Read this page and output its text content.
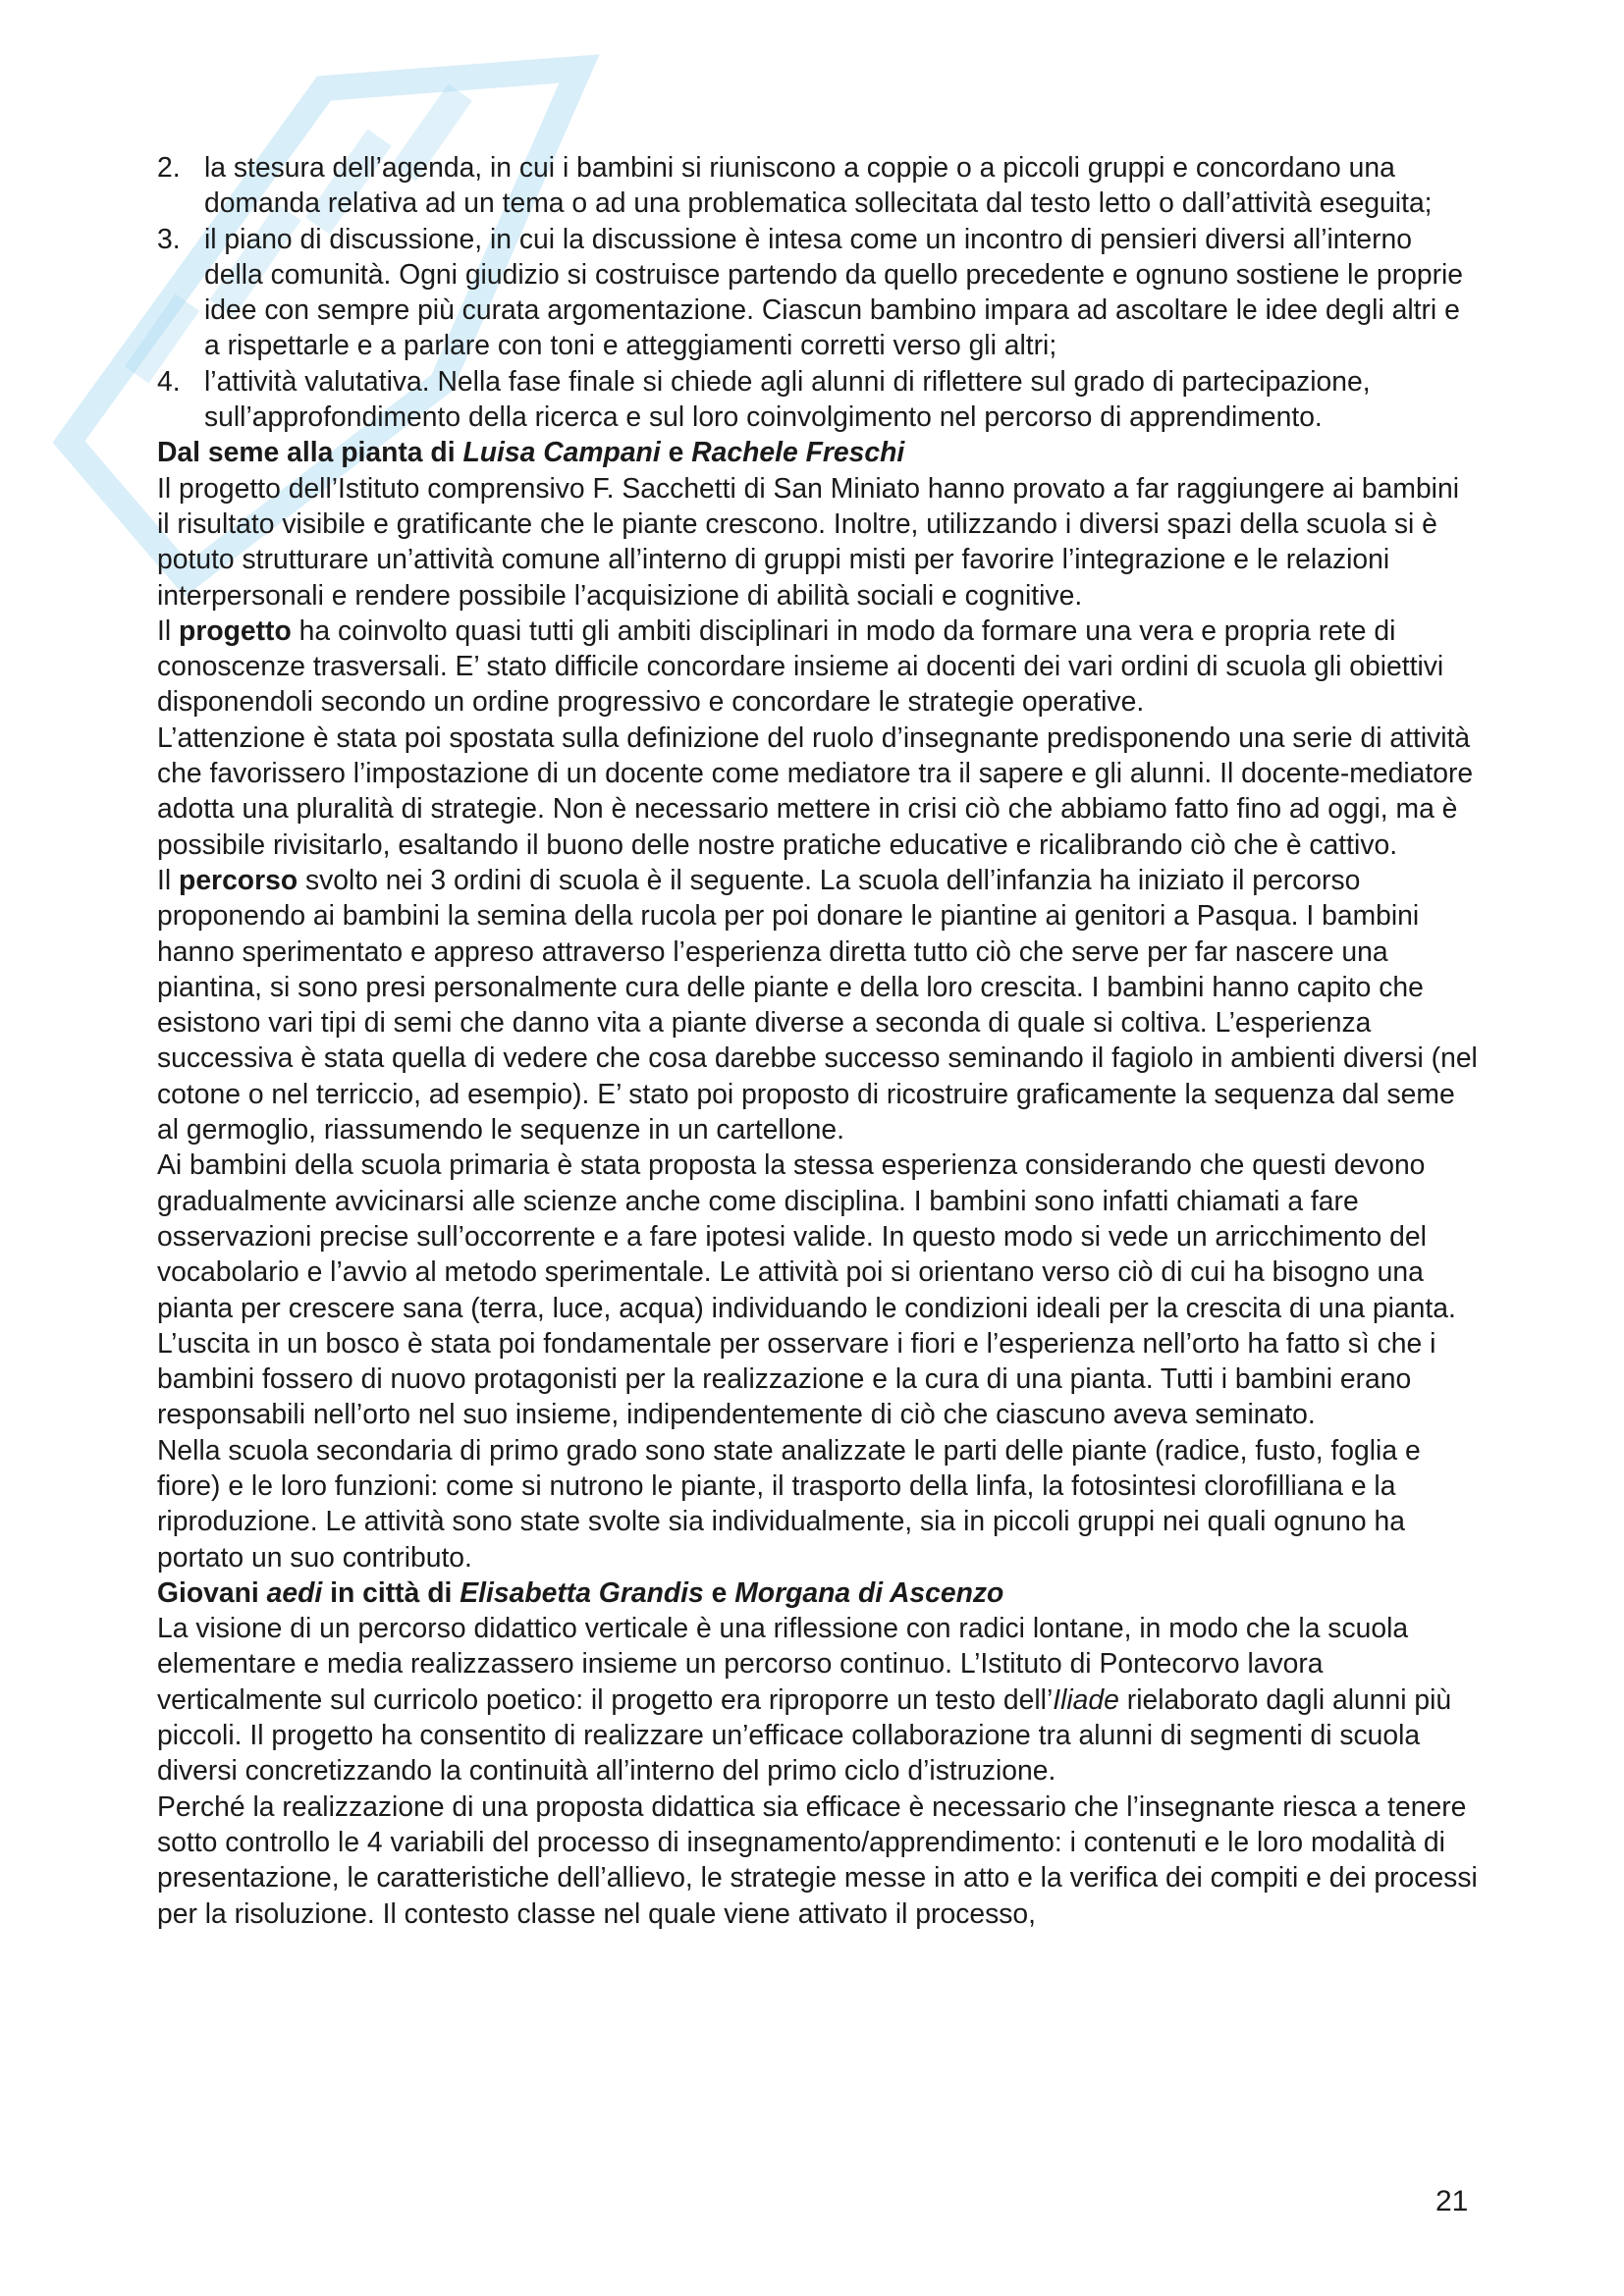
2. la stesura dell’agenda, in cui i bambini si riuniscono a coppie o a piccoli gruppi e concordano una domanda relativa ad un tema o ad una problematica sollecitata dal testo letto o dall’attività eseguita;
3. il piano di discussione, in cui la discussione è intesa come un incontro di pensieri diversi all’interno della comunità. Ogni giudizio si costruisce partendo da quello precedente e ognuno sostiene le proprie idee con sempre più curata argomentazione. Ciascun bambino impara ad ascoltare le idee degli altri e a rispettarle e a parlare con toni e atteggiamenti corretti verso gli altri;
4. l’attività valutativa. Nella fase finale si chiede agli alunni di riflettere sul grado di partecipazione, sull’approfondimento della ricerca e sul loro coinvolgimento nel percorso di apprendimento.
Dal seme alla pianta di Luisa Campani e Rachele Freschi

Il progetto dell’Istituto comprensivo F. Sacchetti di San Miniato hanno provato a far raggiungere ai bambini il risultato visibile e gratificante che le piante crescono. Inoltre, utilizzando i diversi spazi della scuola si è potuto strutturare un’attività comune all’interno di gruppi misti per favorire l’integrazione e le relazioni interpersonali e rendere possibile l’acquisizione di abilità sociali e cognitive.

Il progetto ha coinvolto quasi tutti gli ambiti disciplinari in modo da formare una vera e propria rete di conoscenze trasversali. E’ stato difficile concordare insieme ai docenti dei vari ordini di scuola gli obiettivi disponendoli secondo un ordine progressivo e concordare le strategie operative.

L’attenzione è stata poi spostata sulla definizione del ruolo d’insegnante predisponendo una serie di attività che favorissero l’impostazione di un docente come mediatore tra il sapere e gli alunni. Il docente-mediatore adotta una pluralità di strategie. Non è necessario mettere in crisi ciò che abbiamo fatto fino ad oggi, ma è possibile rivisitarlo, esaltando il buono delle nostre pratiche educative e ricalibrando ciò che è cattivo.

Il percorso svolto nei 3 ordini di scuola è il seguente. La scuola dell’infanzia ha iniziato il percorso proponendo ai bambini la semina della rucola per poi donare le piantine ai genitori a Pasqua. I bambini hanno sperimentato e appreso attraverso l’esperienza diretta tutto ciò che serve per far nascere una piantina, si sono presi personalmente cura delle piante e della loro crescita. I bambini hanno capito che esistono vari tipi di semi che danno vita a piante diverse a seconda di quale si coltiva. L’esperienza successiva è stata quella di vedere che cosa darebbe successo seminando il fagiolo in ambienti diversi (nel cotone o nel terriccio, ad esempio). E’ stato poi proposto di ricostruire graficamente la sequenza dal seme al germoglio, riassumendo le sequenze in un cartellone.

Ai bambini della scuola primaria è stata proposta la stessa esperienza considerando che questi devono gradualmente avvicinarsi alle scienze anche come disciplina. I bambini sono infatti chiamati a fare osservazioni precise sull’occorrente e a fare ipotesi valide. In questo modo si vede un arricchimento del vocabolario e l’avvio al metodo sperimentale. Le attività poi si orientano verso ciò di cui ha bisogno una pianta per crescere sana (terra, luce, acqua) individuando le condizioni ideali per la crescita di una pianta. L’uscita in un bosco è stata poi fondamentale per osservare i fiori e l’esperienza nell’orto ha fatto sì che i bambini fossero di nuovo protagonisti per la realizzazione e la cura di una pianta. Tutti i bambini erano responsabili nell’orto nel suo insieme, indipendentemente di ciò che ciascuno aveva seminato.

Nella scuola secondaria di primo grado sono state analizzate le parti delle piante (radice, fusto, foglia e fiore) e le loro funzioni: come si nutrono le piante, il trasporto della linfa, la fotosintesi clorofilliana e la riproduzione. Le attività sono state svolte sia individualmente, sia in piccoli gruppi nei quali ognuno ha portato un suo contributo.

Giovani aedi in città di Elisabetta Grandis e Morgana di Ascenzo

La visione di un percorso didattico verticale è una riflessione con radici lontane, in modo che la scuola elementare e media realizzassero insieme un percorso continuo. L’Istituto di Pontecorvo lavora verticalmente sul curricolo poetico: il progetto era riproporre un testo dell’Iliade rielaborato dagli alunni più piccoli. Il progetto ha consentito di realizzare un’efficace collaborazione tra alunni di segmenti di scuola diversi concretizzando la continuità all’interno del primo ciclo d’istruzione.

Perché la realizzazione di una proposta didattica sia efficace è necessario che l’insegnante riesca a tenere sotto controllo le 4 variabili del processo di insegnamento/apprendimento: i contenuti e le loro modalità di presentazione, le caratteristiche dell’allievo, le strategie messe in atto e la verifica dei compiti e dei processi per la risoluzione. Il contesto classe nel quale viene attivato il processo,

21
